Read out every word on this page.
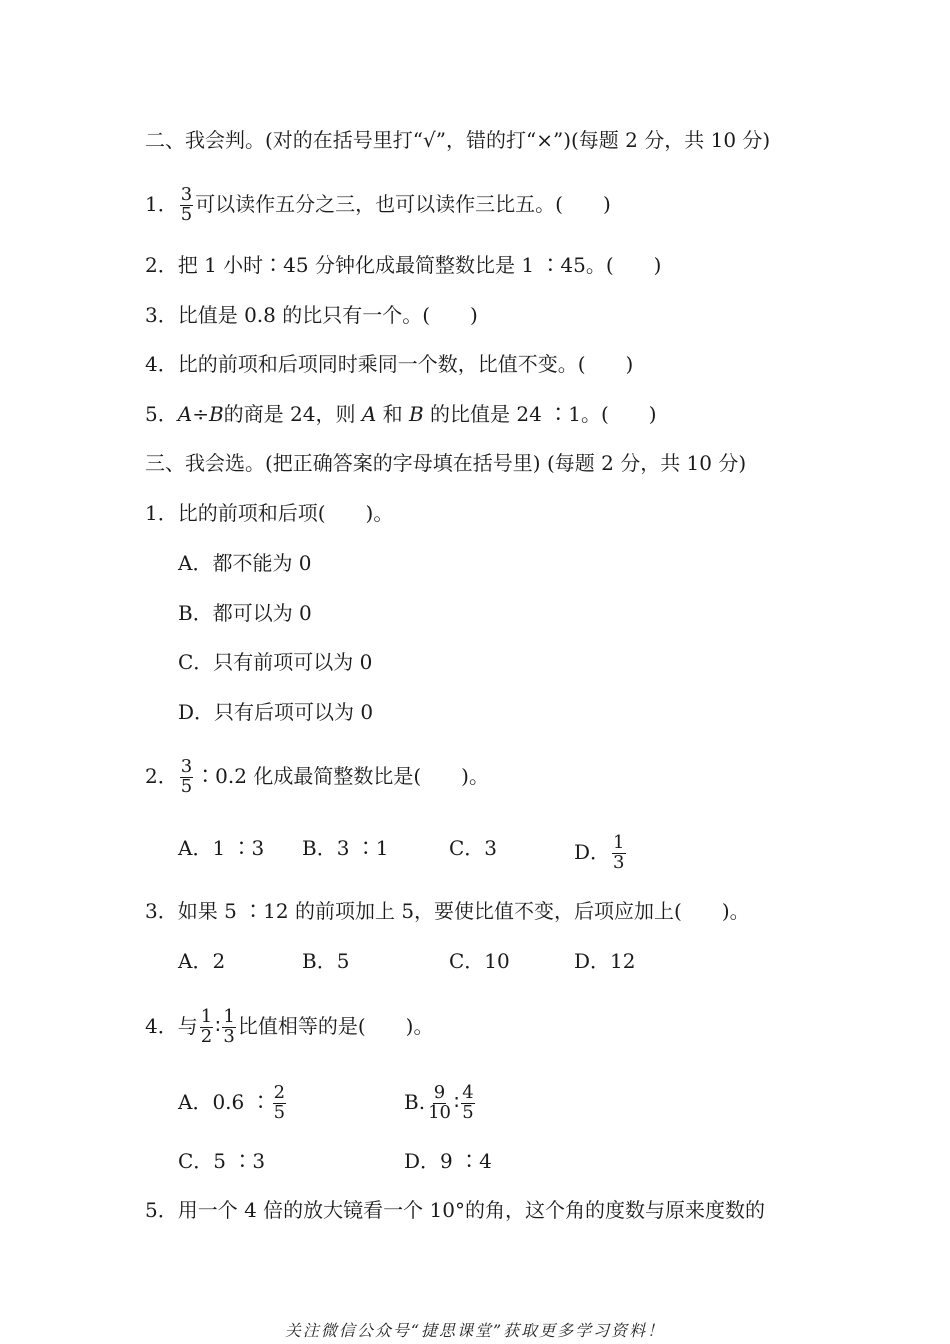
二、我会判。(对的在括号里打“√”，错的打“×”)(每题 2 分，共 10 分)
1． $\frac{3}{5}$ 可以读作五分之三，也可以读作三比五。(　　)
2．把 1 小时∶45 分钟化成最简整数比是 1 ∶45。(　　)
3．比值是 0.8 的比只有一个。(　　)
4．比的前项和后项同时乘同一个数，比值不变。(　　)
5．A÷B的商是 24，则 A 和 B 的比值是 24 ∶1。(　　)
三、我会选。(把正确答案的字母填在括号里) (每题 2 分，共 10 分)
1．比的前项和后项(　　)。
A．都不能为 0
B．都可以为 0
C．只有前项可以为 0
D．只有后项可以为 0
2． $\frac{3}{5}$ ∶0.2 化成最简整数比是(　　)。
A．1 ∶3 B．3 ∶1	C．3	D． $\frac{1}{3}$
3．如果 5 ∶12 的前项加上 5，要使比值不变，后项应加上(　　)。
A．2	B．5	C．10	D．12
4．与 $\frac{1}{2}$ ∶ $\frac{1}{3}$ 比值相等的是(　　)。
A．0.6 ∶ $\frac{2}{5}$	B. $\frac{9}{10}$ ∶ $\frac{4}{5}$
C．5 ∶3	D．9 ∶4
5．用一个 4 倍的放大镜看一个 10°的角，这个角的度数与原来度数的
关注微信公众号“捷思课堂”获取更多学习资料！
